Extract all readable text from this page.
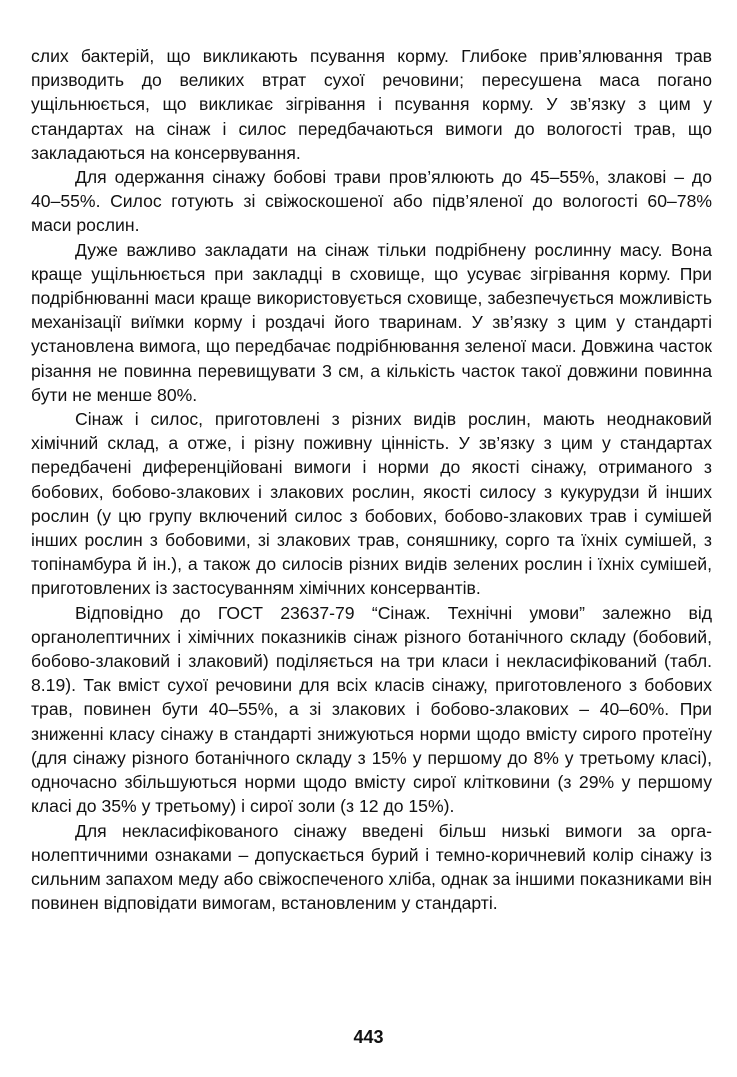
слих бактерій, що викликають псування корму. Глибоке прив’ялювання трав призводить до великих втрат сухої речовини; пересушена маса погано ущільнюється, що викликає зігрівання і псування корму. У зв’язку з цим у стандартах на сінаж і силос передбачаються вимоги до вологості трав, що закладаються на консервування.

Для одержання сінажу бобові трави пров’ялюють до 45–55%, злакові – до 40–55%. Силос готують зі свіжоскошеної або підв’яленої до вологості 60–78% маси рослин.

Дуже важливо закладати на сінаж тільки подрібнену рослинну масу. Вона краще ущільнюється при закладці в сховище, що усуває зігрівання корму. При подрібнюванні маси краще використовується сховище, забезпечується можливість механізації виїмки корму і роздачі його тваринам. У зв’язку з цим у стандарті установлена вимога, що передбачає подрібнювання зеленої маси. Довжина часток різання не повинна перевищувати 3 см, а кількість часток такої довжини повинна бути не менше 80%.

Сінаж і силос, приготовлені з різних видів рослин, мають неоднаковий хімічний склад, а отже, і різну поживну цінність. У зв’язку з цим у стандартах передбачені диференційовані вимоги і норми до якості сінажу, отриманого з бобових, бобово-злакових і злакових рослин, якості силосу з кукурудзи й інших рослин (у цю групу включений силос з бобових, бобово-злакових трав і сумішей інших рослин з бобовими, зі злакових трав, соняшнику, сорго та їхніх сумішей, з топінамбура й ін.), а також до силосів різних видів зелених рослин і їхніх сумішей, приготовлених із застосуванням хімічних консервантів.

Відповідно до ГОСТ 23637-79 “Сінаж. Технічні умови” залежно від органолептичних і хімічних показників сінаж різного ботанічного складу (бобовий, бобово-злаковий і злаковий) поділяється на три класи і некласифікований (табл. 8.19). Так вміст сухої речовини для всіх класів сінажу, приготовленого з бобових трав, повинен бути 40–55%, а зі злакових і бобово-злакових – 40–60%. При зниженні класу сінажу в стандарті знижуються норми щодо вмісту сирого протеїну (для сінажу різного ботанічного складу з 15% у першому до 8% у третьому класі), одночасно збільшуються норми щодо вмісту сирої клітковини (з 29% у першому класі до 35% у третьому) і сирої золи (з 12 до 15%).

Для некласифікованого сінажу введені більш низькі вимоги за органолептичними ознаками – допускається бурий і темно-коричневий колір сінажу із сильним запахом меду або свіжоспеченого хліба, однак за іншими показниками він повинен відповідати вимогам, встановленим у стандарті.

443
